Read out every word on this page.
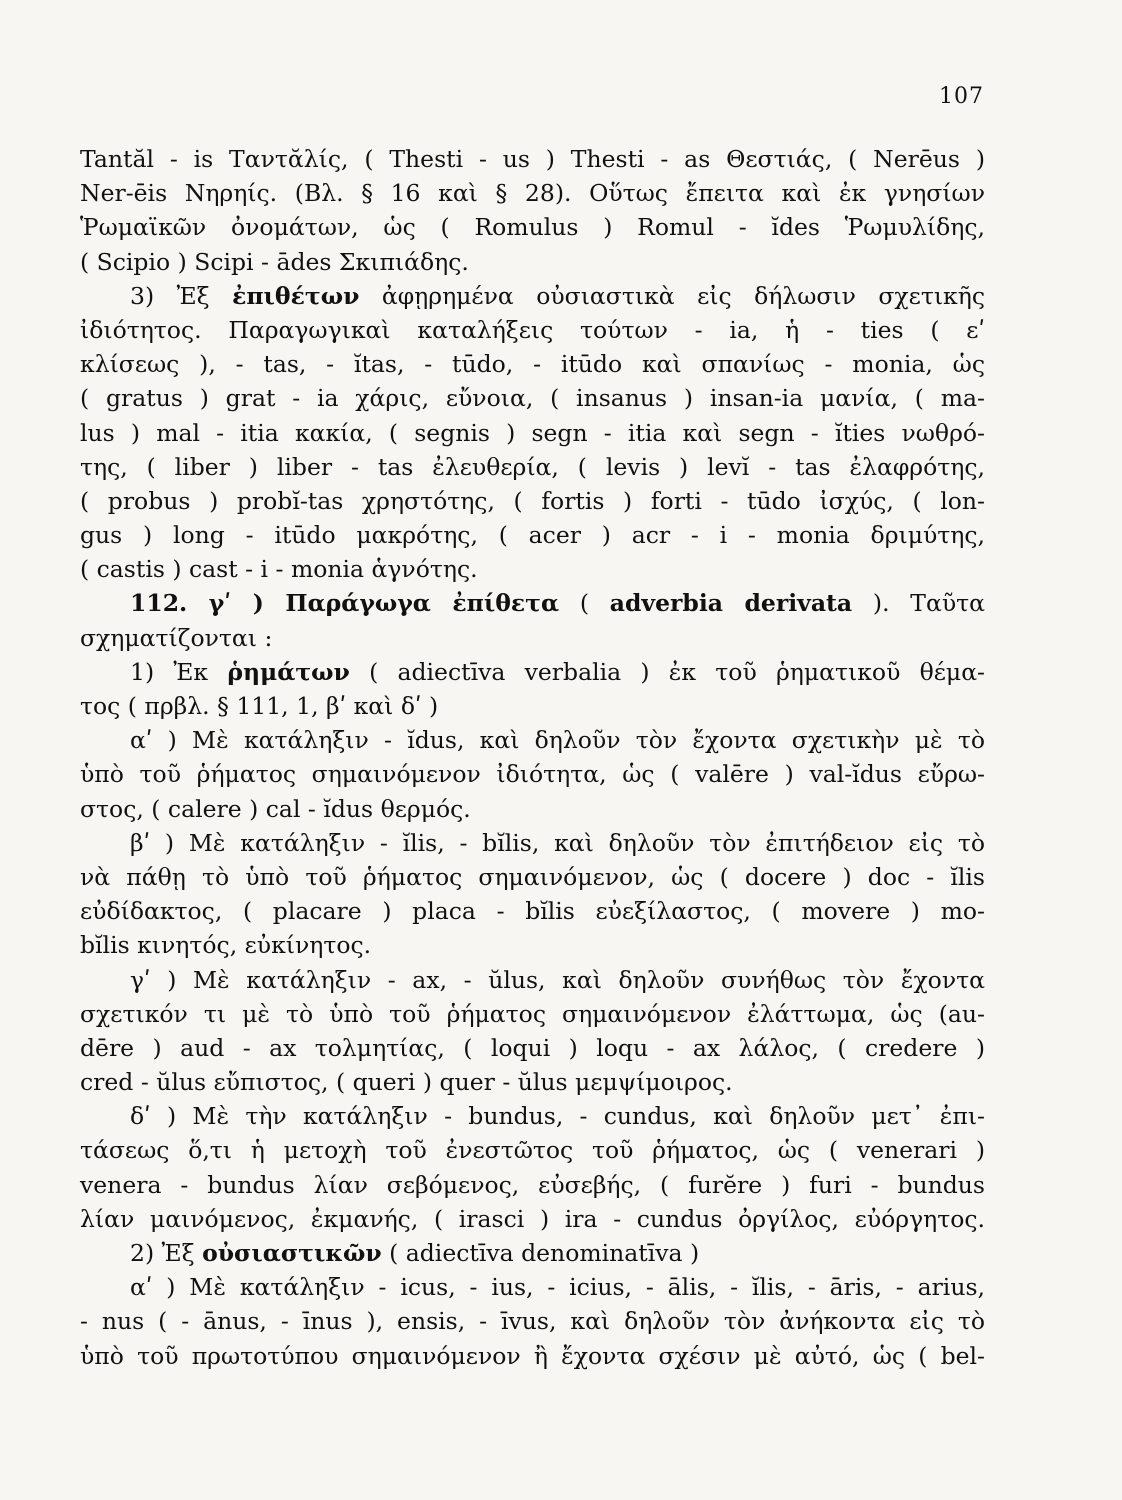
107
Tantăl - is Ταντᾰλίς, ( Thesti - us ) Thesti - as Θεστιάς, ( Nerēus )
Ner-ēis Νηρηίς. (Βλ. § 16 καὶ § 28). Οὕτως ἔπειτα καὶ ἐκ γνησίων
Ῥωμαϊκῶν ὀνομάτων, ὡς ( Romulus ) Romul - ĭdes Ῥωμυλίδης,
( Scipio ) Scipi - ādes Σκιπιάδης.
3) Ἐξ ἐπιθέτων ἀφῃρημένα οὐσιαστικὰ εἰς δήλωσιν σχετικῆς
ἰδιότητος. Παραγωγικαὶ καταλήξεις τούτων - ia, ἡ - ties ( εʹ
κλίσεως ), - tas, - ĭtas, - tūdo, - itūdo καὶ σπανίως - monia, ὡς
( gratus ) grat - ia χάρις, εὔνοια, ( insanus ) insan-ia μανία, ( ma-
lus ) mal - itia κακία, ( segnis ) segn - itia καὶ segn - ĭties νωθρό-
της, ( liber ) liber - tas ἐλευθερία, ( levis ) levĭ - tas ἐλαφρότης,
( probus ) probĭ-tas χρηστότης, ( fortis ) forti - tūdo ἰσχύς, ( lon-
gus ) long - itūdo μακρότης, ( acer ) acr - i - monia δριμύτης,
( castis ) cast - i - monia ἁγνότης.
112. γʹ ) Παράγωγα ἐπίθετα ( adverbia derivata ). Ταῦτα
σχηματίζονται :
1) Ἐκ ῥημάτων ( adiectīva verbalia ) ἐκ τοῦ ῥηματικοῦ θέμα-
τος ( πρβλ. § 111, 1, βʹ καὶ δʹ )
αʹ ) Μὲ κατάληξιν - ĭdus, καὶ δηλοῦν τὸν ἔχοντα σχετικὴν μὲ τὸ
ὑπὸ τοῦ ῥήματος σημαινόμενον ἰδιότητα, ὡς ( valēre ) val-ĭdus εὔρω-
στος, ( calere ) cal - ĭdus θερμός.
βʹ ) Μὲ κατάληξιν - ĭlis, - bĭlis, καὶ δηλοῦν τὸν ἐπιτήδειον εἰς τὸ
νὰ πάθῃ τὸ ὑπὸ τοῦ ῥήματος σημαινόμενον, ὡς ( docere ) doc - ĭlis
εὐδίδακτος, ( placare ) placa - bĭlis εὐεξίλαστος, ( movere ) mo-
bĭlis κινητός, εὐκίνητος.
γʹ ) Μὲ κατάληξιν - ax, - ŭlus, καὶ δηλοῦν συνήθως τὸν ἔχοντα
σχετικόν τι μὲ τὸ ὑπὸ τοῦ ῥήματος σημαινόμενον ἐλάττωμα, ὡς (au-
dēre ) aud - ax τολμητίας, ( loqui ) loqu - ax λάλος, ( credere )
cred - ŭlus εὔπιστος, ( queri ) quer - ŭlus μεμψίμοιρος.
δʹ ) Μὲ τὴν κατάληξιν - bundus, - cundus, καὶ δηλοῦν μετ᾽ ἐπι-
τάσεως ὅ,τι ἡ μετοχὴ τοῦ ἐνεστῶτος τοῦ ῥήματος, ὡς ( venerari )
venera - bundus λίαν σεβόμενος, εὐσεβής, ( furĕre ) furi - bundus
λίαν μαινόμενος, ἐκμανής, ( irasci ) ira - cundus ὀργίλος, εὐόργητος.
2) Ἐξ οὐσιαστικῶν ( adiectīva denominatīva )
αʹ ) Μὲ κατάληξιν - icus, - ius, - icius, - ālis, - ĭlis, - āris, - arius,
- nus ( - ānus, - īnus ), ensis, - īvus, καὶ δηλοῦν τὸν ἀνήκοντα εἰς τὸ
ὑπὸ τοῦ πρωτοτύπου σημαινόμενον ἢ ἔχοντα σχέσιν μὲ αὐτό, ὡς ( bel-
